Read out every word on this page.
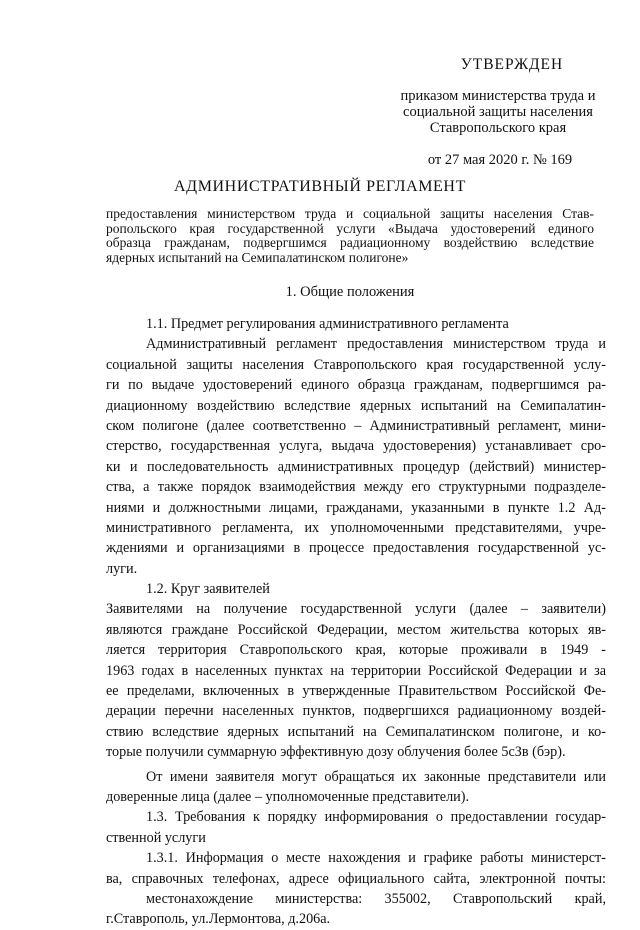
УТВЕРЖДЕН
приказом министерства труда и
социальной защиты населения
Ставропольского края
от 27 мая 2020 г. № 169
АДМИНИСТРАТИВНЫЙ РЕГЛАМЕНТ
предоставления министерством труда и социальной защиты населения Став-
ропольского края государственной услуги «Выдача удостоверений единого
образца гражданам, подвергшимся радиационному воздействию вследствие
ядерных испытаний на Семипалатинском полигоне»
1. Общие положения
1.1. Предмет регулирования административного регламента
Административный регламент предоставления министерством труда и
социальной защиты населения Ставропольского края государственной услу-
ги по выдаче удостоверений единого образца гражданам, подвергшимся ра-
диационному воздействию вследствие ядерных испытаний на Семипалатин-
ском полигоне (далее соответственно – Административный регламент, мини-
стерство, государственная услуга, выдача удостоверения) устанавливает сро-
ки и последовательность административных процедур (действий) министер-
ства, а также порядок взаимодействия между его структурными подразделе-
ниями и должностными лицами, гражданами, указанными в пункте 1.2 Ад-
министративного регламента, их уполномоченными представителями, учре-
ждениями и организациями в процессе предоставления государственной ус-
луги.
1.2. Круг заявителей
Заявителями на получение государственной услуги (далее – заявители)
являются граждане Российской Федерации, местом жительства которых яв-
ляется территория Ставропольского края, которые проживали в 1949 -
1963 годах в населенных пунктах на территории Российской Федерации и за
ее пределами, включенных в утвержденные Правительством Российской Фе-
дерации перечни населенных пунктов, подвергшихся радиационному воздей-
ствию вследствие ядерных испытаний на Семипалатинском полигоне, и ко-
торые получили суммарную эффективную дозу облучения более 5сЗв (бэр).
От имени заявителя могут обращаться их законные представители или
доверенные лица (далее – уполномоченные представители).
1.3. Требования к порядку информирования о предоставлении государ-
ственной услуги
1.3.1. Информация о месте нахождения и графике работы министерст-
ва, справочных телефонах, адресе официального сайта, электронной почты:
местонахождение министерства: 355002, Ставропольский край,
г.Ставрополь, ул.Лермонтова, д.206а.
